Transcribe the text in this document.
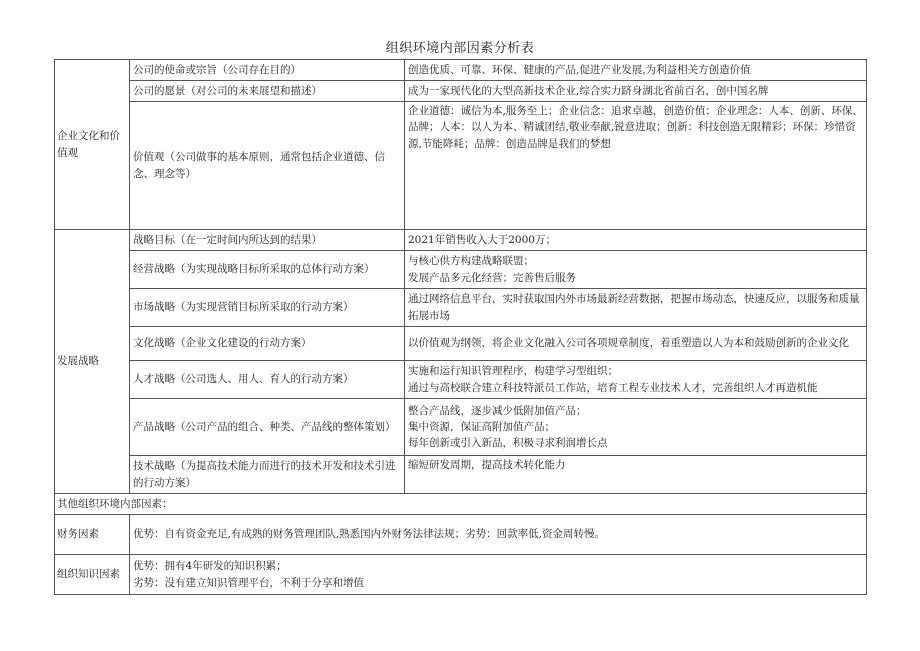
组织环境内部因素分析表
企业文化和价值观	公司的使命或宗旨（公司存在目的）	创造优质、可靠、环保、健康的产品,促进产业发展,为利益相关方创造价值
	公司的愿景（对公司的未来展望和描述）	成为一家现代化的大型高新技术企业,综合实力跻身湖北省前百名，创中国名牌
	价值观（公司做事的基本原则，通常包括企业道德、信念、理念等）	企业道德：诚信为本,服务至上；企业信念：追求卓越，创造价值；企业理念：人本、创新、环保、品牌；人本：以人为本、精诚团结,敬业奉献,锐意进取；创新：科技创造无限精彩；环保：珍惜资源,节能降耗；品牌：创造品牌是我们的梦想
发展战略	战略目标（在一定时间内所达到的结果）	2021年销售收入大于2000万；

	经营战略（为实现战略目标所采取的总体行动方案）	与核心供方构建战略联盟；
发展产品多元化经营；完善售后服务

	市场战略（为实现营销目标所采取的行动方案）	通过网络信息平台，实时获取国内外市场最新经营数据，把握市场动态，快速反应，以服务和质量拓展市场

	文化战略（企业文化建设的行动方案）	以价值观为纲领，将企业文化融入公司各项规章制度，着重塑造以人为本和鼓励创新的企业文化

	人才战略（公司选人、用人、育人的行动方案）	实施和运行知识管理程序，构建学习型组织；
通过与高校联合建立科技特派员工作站，培育工程专业技术人才，完善组织人才再造机能

	产品战略（公司产品的组合、种类、产品线的整体策划）	整合产品线，逐步减少低附加值产品；
集中资源，保证高附加值产品；
每年创新或引入新品，积极寻求利润增长点

	技术战略（为提高技术能力而进行的技术开发和技术引进的行动方案）	缩短研发周期，提高技术转化能力

其他组织环境内部因素：		
财务因素	优势：自有资金充足,有成熟的财务管理团队,熟悉国内外财务法律法规；劣势：回款率低,资金周转慢。	
组织知识因素	优势：拥有4年研发的知识积累；
劣势：没有建立知识管理平台，不利于分享和增值	
